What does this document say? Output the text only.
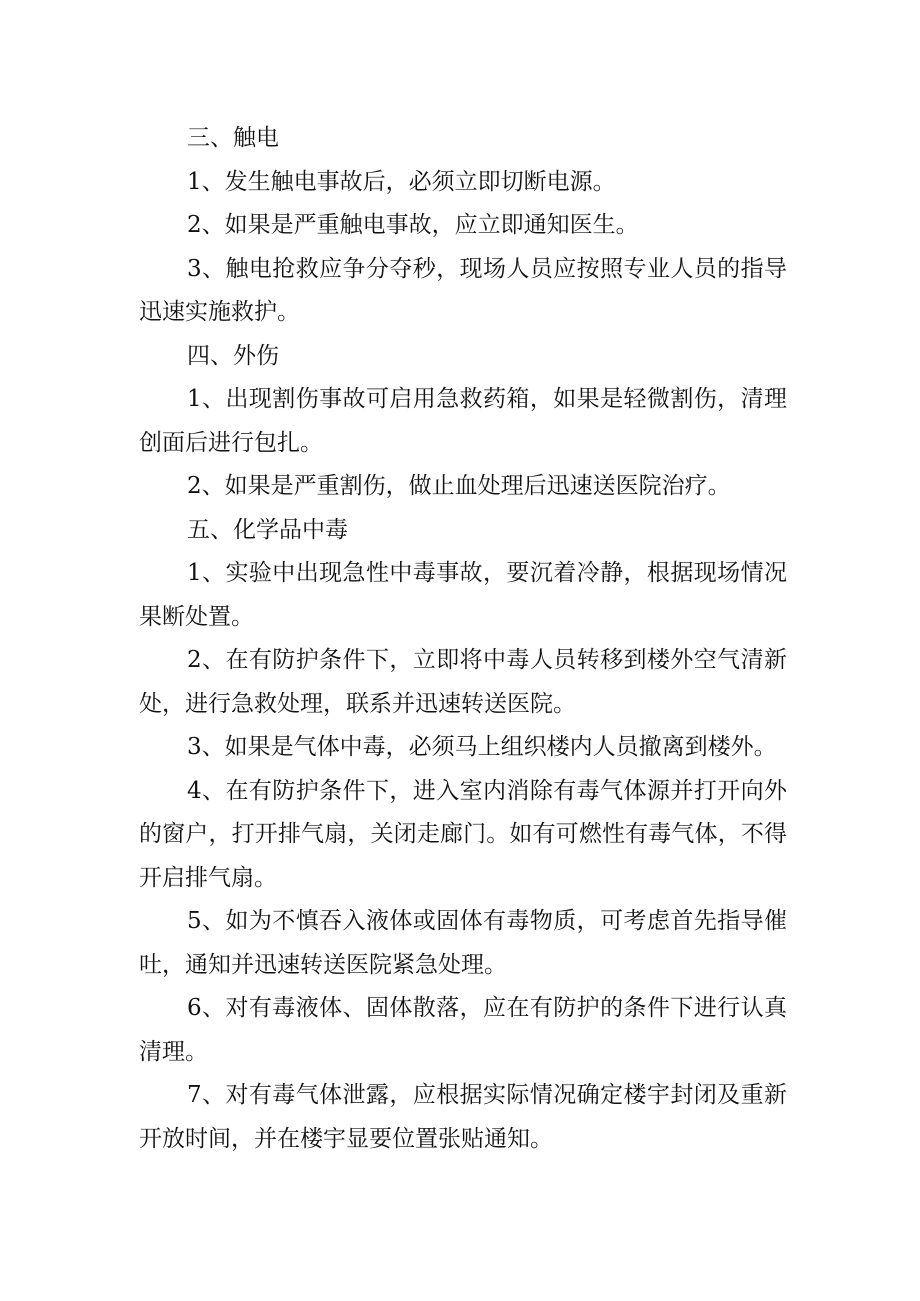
三、触电

1、发生触电事故后，必须立即切断电源。

2、如果是严重触电事故，应立即通知医生。

3、触电抢救应争分夺秒，现场人员应按照专业人员的指导迅速实施救护。

四、外伤

1、出现割伤事故可启用急救药箱，如果是轻微割伤，清理创面后进行包扎。

2、如果是严重割伤，做止血处理后迅速送医院治疗。

五、化学品中毒

1、实验中出现急性中毒事故，要沉着冷静，根据现场情况果断处置。

2、在有防护条件下，立即将中毒人员转移到楼外空气清新处，进行急救处理，联系并迅速转送医院。

3、如果是气体中毒，必须马上组织楼内人员撤离到楼外。

4、在有防护条件下，进入室内消除有毒气体源并打开向外的窗户，打开排气扇，关闭走廊门。如有可燃性有毒气体，不得开启排气扇。

5、如为不慎吞入液体或固体有毒物质，可考虑首先指导催吐，通知并迅速转送医院紧急处理。

6、对有毒液体、固体散落，应在有防护的条件下进行认真清理。

7、对有毒气体泄露，应根据实际情况确定楼宇封闭及重新开放时间，并在楼宇显要位置张贴通知。
